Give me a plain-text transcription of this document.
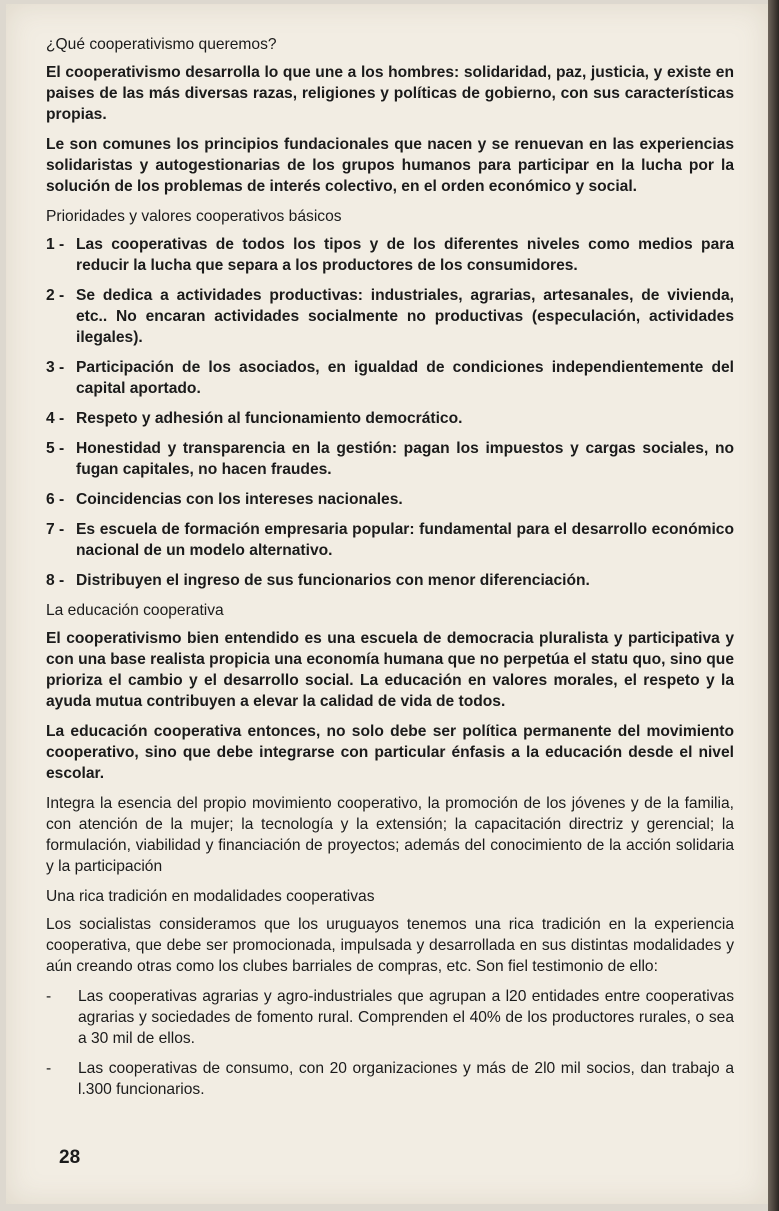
¿Qué cooperativismo queremos?

El cooperativismo desarrolla lo que une a los hombres: solidaridad, paz, justicia, y existe en paises de las más diversas razas, religiones y políticas de gobierno, con sus características propias.

Le son comunes los principios fundacionales que nacen y se renuevan en las experiencias solidaristas y autogestionarias de los grupos humanos para participar en la lucha por la solución de los problemas de interés colectivo, en el orden económico y social.

Prioridades y valores cooperativos básicos

1 - Las cooperativas de todos los tipos y de los diferentes niveles como medios para reducir la lucha que separa a los productores de los consumidores.
2 - Se dedica a actividades productivas: industriales, agrarias, artesanales, de vivienda, etc.. No encaran actividades socialmente no productivas (especulación, actividades ilegales).
3 - Participación de los asociados, en igualdad de condiciones independientemente del capital aportado.
4 - Respeto y adhesión al funcionamiento democrático.
5 - Honestidad y transparencia en la gestión: pagan los impuestos y cargas sociales, no fugan capitales, no hacen fraudes.
6 - Coincidencias con los intereses nacionales.
7 - Es escuela de formación empresaria popular: fundamental para el desarrollo económico nacional de un modelo alternativo.
8 - Distribuyen el ingreso de sus funcionarios con menor diferenciación.

La educación cooperativa

El cooperativismo bien entendido es una escuela de democracia pluralista y participativa y con una base realista propicia una economía humana que no perpetúa el statu quo, sino que prioriza el cambio y el desarrollo social. La educación en valores morales, el respeto y la ayuda mutua contribuyen a elevar la calidad de vida de todos.

La educación cooperativa entonces, no solo debe ser política permanente del movimiento cooperativo, sino que debe integrarse con particular énfasis a la educación desde el nivel escolar.

Integra la esencia del propio movimiento cooperativo, la promoción de los jóvenes y de la familia, con atención de la mujer; la tecnología y la extensión; la capacitación directriz y gerencial; la formulación, viabilidad y financiación de proyectos; además del conocimiento de la acción solidaria y la participación

Una rica tradición en modalidades cooperativas

Los socialistas consideramos que los uruguayos tenemos una rica tradición en la experiencia cooperativa, que debe ser promocionada, impulsada y desarrollada en sus distintas modalidades y aún creando otras como los clubes barriales de compras, etc. Son fiel testimonio de ello:

-	Las cooperativas agrarias y agro-industriales que agrupan a l20 entidades entre cooperativas agrarias y sociedades de fomento rural. Comprenden el 40% de los productores rurales, o sea a 30 mil de ellos.
-	Las cooperativas de consumo, con 20 organizaciones y más de 2l0 mil socios, dan trabajo a l.300 funcionarios.
28
